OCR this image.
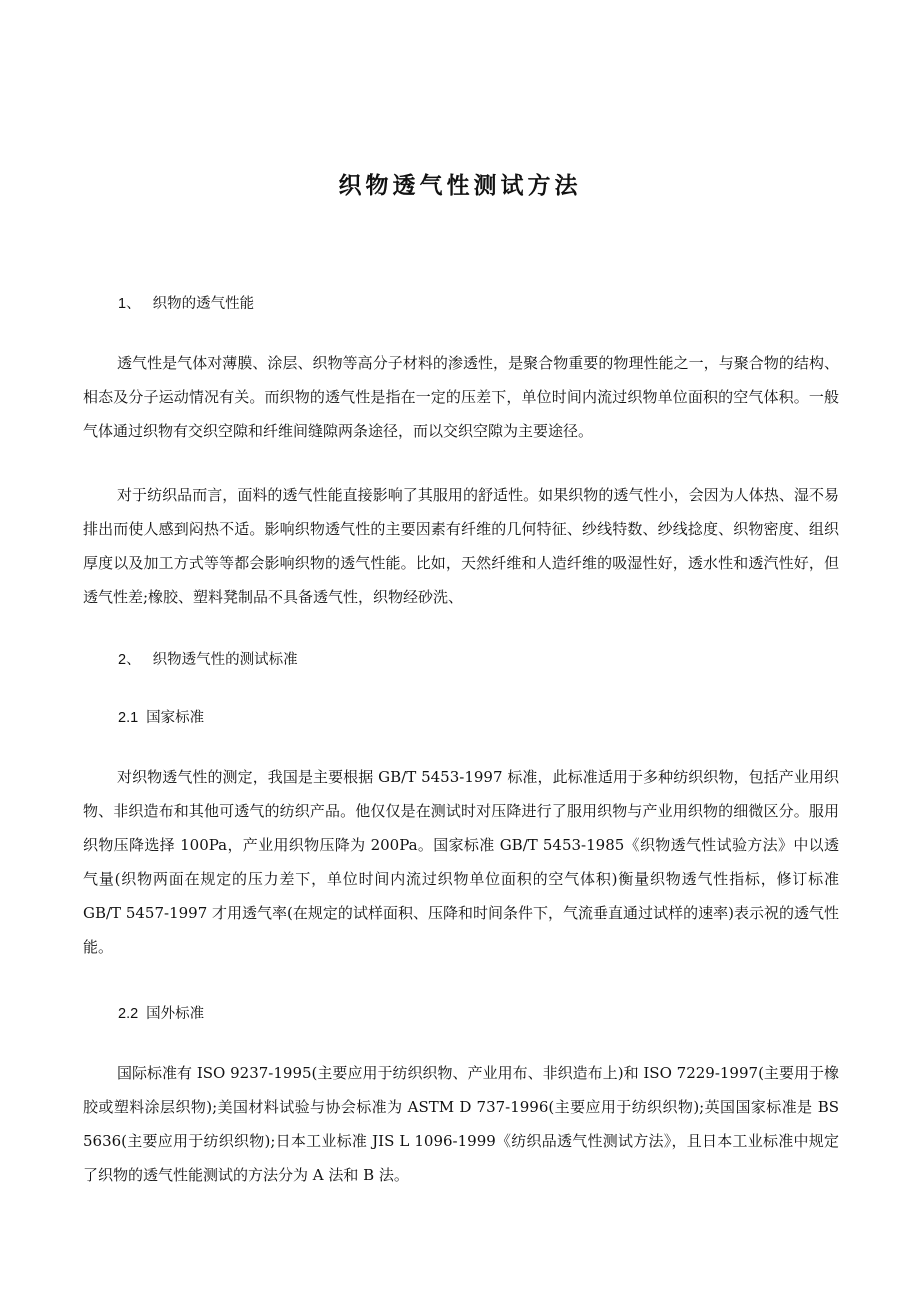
织物透气性测试方法
1、 织物的透气性能
透气性是气体对薄膜、涂层、织物等高分子材料的渗透性，是聚合物重要的物理性能之一，与聚合物的结构、相态及分子运动情况有关。而织物的透气性是指在一定的压差下，单位时间内流过织物单位面积的空气体积。一般气体通过织物有交织空隙和纤维间缝隙两条途径，而以交织空隙为主要途径。
对于纺织品而言，面料的透气性能直接影响了其服用的舒适性。如果织物的透气性小，会因为人体热、湿不易排出而使人感到闷热不适。影响织物透气性的主要因素有纤维的几何特征、纱线特数、纱线捻度、织物密度、组织厚度以及加工方式等等都会影响织物的透气性能。比如，天然纤维和人造纤维的吸湿性好，透水性和透汽性好，但透气性差;橡胶、塑料凳制品不具备透气性，织物经砂洗、
2、 织物透气性的测试标准
2.1 国家标准
对织物透气性的测定，我国是主要根据 GB/T 5453-1997 标准，此标准适用于多种纺织织物，包括产业用织物、非织造布和其他可透气的纺织产品。他仅仅是在测试时对压降进行了服用织物与产业用织物的细微区分。服用织物压降选择 100Pa，产业用织物压降为 200Pa。国家标准 GB/T 5453-1985《织物透气性试验方法》中以透气量(织物两面在规定的压力差下，单位时间内流过织物单位面积的空气体积)衡量织物透气性指标，修订标准 GB/T 5457-1997 才用透气率(在规定的试样面积、压降和时间条件下，气流垂直通过试样的速率)表示祝的透气性能。
2.2 国外标准
国际标准有 ISO 9237-1995(主要应用于纺织织物、产业用布、非织造布上)和 ISO 7229-1997(主要用于橡胶或塑料涂层织物);美国材料试验与协会标准为 ASTM D 737-1996(主要应用于纺织织物);英国国家标准是 BS 5636(主要应用于纺织织物);日本工业标准 JIS L 1096-1999《纺织品透气性测试方法》，且日本工业标准中规定了织物的透气性能测试的方法分为 A 法和 B 法。
